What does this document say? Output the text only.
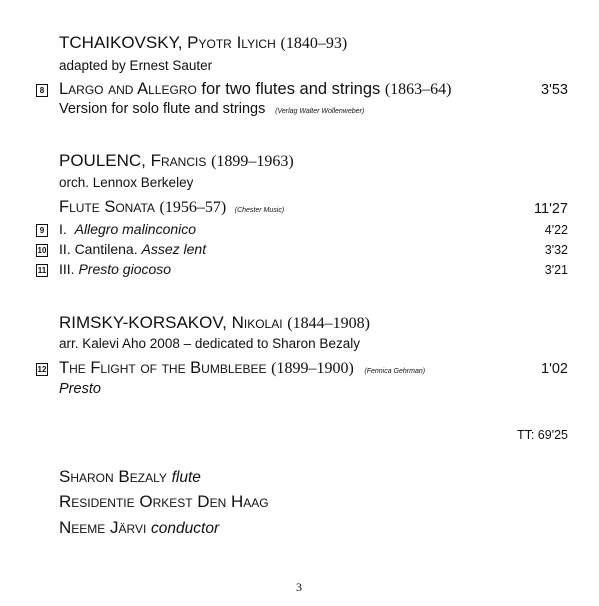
TCHAIKOVSKY, Pyotr Ilyich (1840–93)
adapted by Ernest Sauter
8 Largo and Allegro for two flutes and strings (1863–64)	3'53
Version for solo flute and strings (Verlag Walter Wollenweber)
POULENC, Francis (1899–1963)
orch. Lennox Berkeley
Flute Sonata (1956–57) (Chester Music)	11'27
9 I. Allegro malinconico	4'22
10 II. Cantilena. Assez lent	3'32
11 III. Presto giocoso	3'21
RIMSKY-KORSAKOV, Nikolai (1844–1908)
arr. Kalevi Aho 2008 – dedicated to Sharon Bezaly
12 The Flight of the Bumblebee (1899–1900) (Fennica Gehrman)	1'02
Presto
TT: 69'25
Sharon Bezaly flute
Residentie Orkest Den Haag
Neeme Järvi conductor
3
